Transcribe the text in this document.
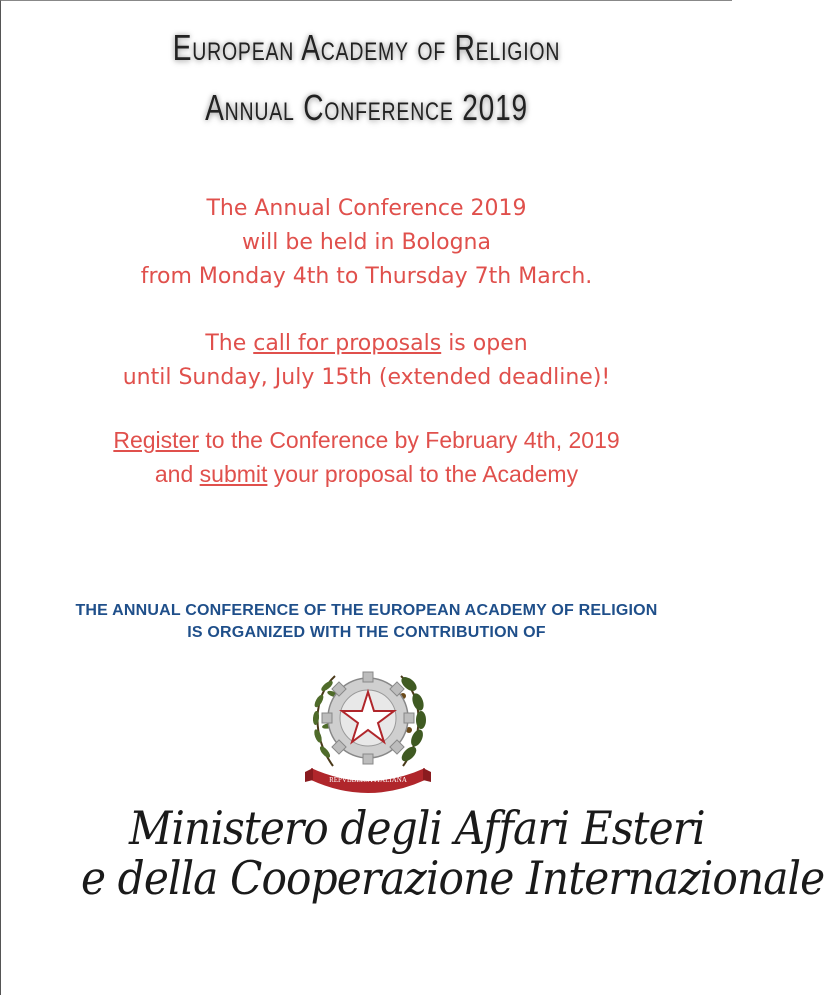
European Academy of Religion
Annual Conference 2019
The Annual Conference 2019
will be held in Bologna
from Monday 4th to Thursday 7th March.
The call for proposals is open
until Sunday, July 15th (extended deadline)!
Register to the Conference by February 4th, 2019
and submit your proposal to the Academy
THE ANNUAL CONFERENCE OF THE EUROPEAN ACADEMY OF RELIGION
IS ORGANIZED WITH THE CONTRIBUTION OF
REPVBBLICA ITALIANA
Ministero degli Affari Esteri
e della Cooperazione Internazionale
